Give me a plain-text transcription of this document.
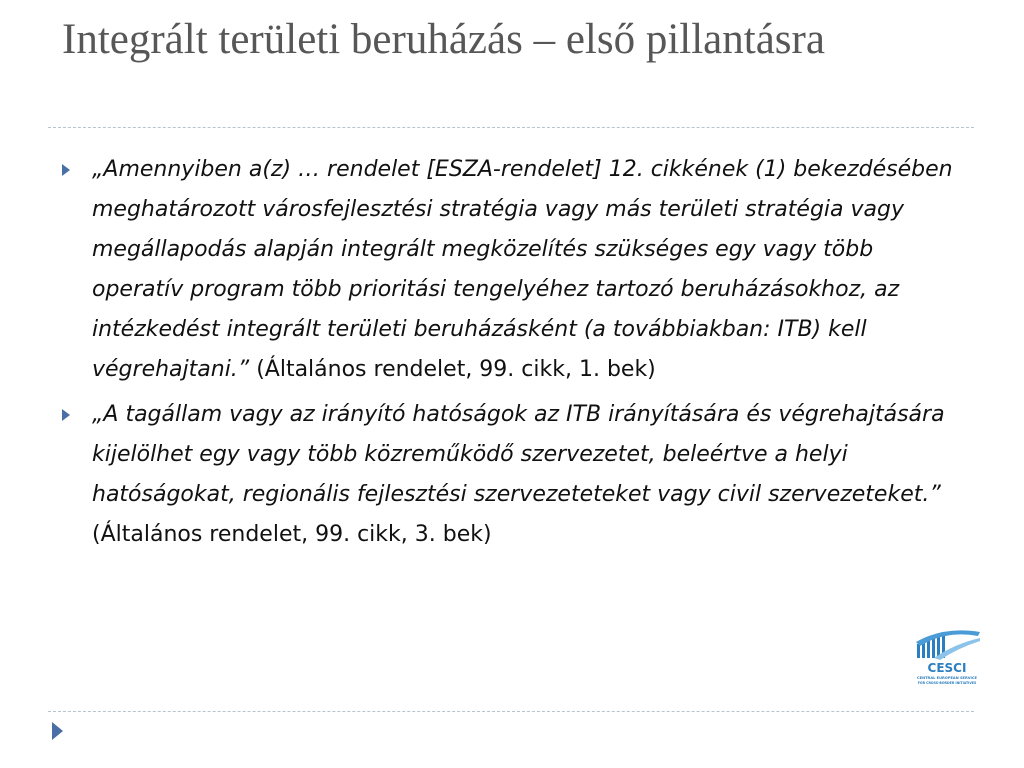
Integrált területi beruházás – első pillantásra
„Amennyiben a(z) … rendelet [ESZA-rendelet] 12. cikkének (1) bekezdésében meghatározott városfejlesztési stratégia vagy más területi stratégia vagy megállapodás alapján integrált megközelítés szükséges egy vagy több operatív program több prioritási tengelyéhez tartozó beruházásokhoz, az intézkedést integrált területi beruházásként (a továbbiakban: ITB) kell végrehajtani.” (Általános rendelet, 99. cikk, 1. bek)
„A tagállam vagy az irányító hatóságok az ITB irányítására és végrehajtására kijelölhet egy vagy több közreműködő szervezetet, beleértve a helyi hatóságokat, regionális fejlesztési szervezeteteket vagy civil szervezeteket.” (Általános rendelet, 99. cikk, 3. bek)
CESCI
CENTRAL EUROPEAN SERVICE
FOR CROSS-BORDER INITIATIVES
